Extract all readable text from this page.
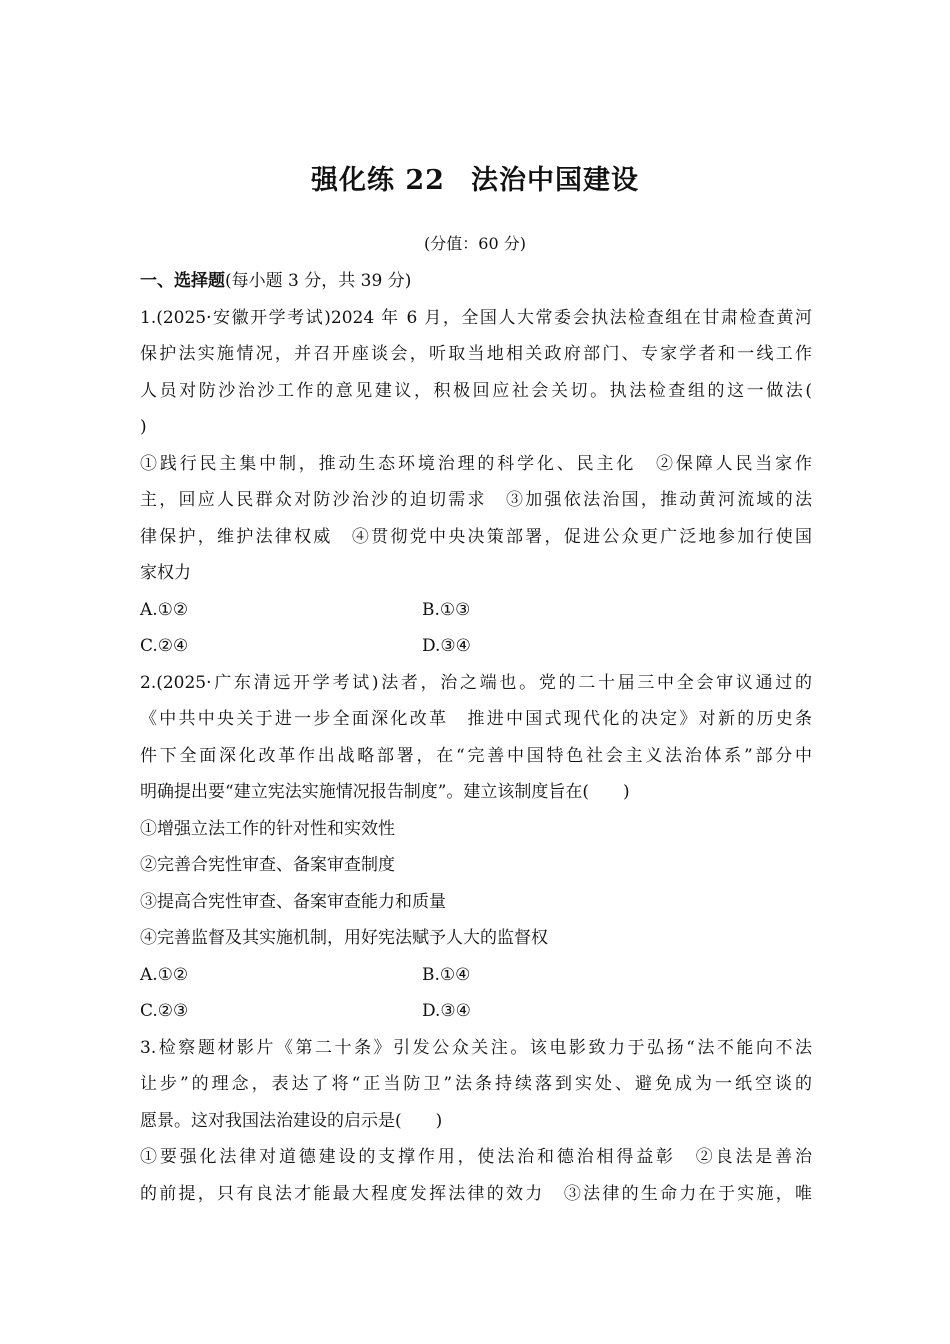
强化练 22 法治中国建设
(分值：60 分)
一、选择题(每小题 3 分，共 39 分)
1.(2025·安徽开学考试)2024 年 6 月，全国人大常委会执法检查组在甘肃检查黄河
保护法实施情况，并召开座谈会，听取当地相关政府部门、专家学者和一线工作
人员对防沙治沙工作的意见建议，积极回应社会关切。执法检查组的这一做法(
)
①践行民主集中制，推动生态环境治理的科学化、民主化　②保障人民当家作
主，回应人民群众对防沙治沙的迫切需求　③加强依法治国，推动黄河流域的法
律保护，维护法律权威　④贯彻党中央决策部署，促进公众更广泛地参加行使国
家权力
A.①②	B.①③
C.②④	D.③④
2.(2025·广东清远开学考试)法者，治之端也。党的二十届三中全会审议通过的
《中共中央关于进一步全面深化改革　推进中国式现代化的决定》对新的历史条
件下全面深化改革作出战略部署，在“完善中国特色社会主义法治体系”部分中
明确提出要“建立宪法实施情况报告制度”。建立该制度旨在(　　)
①增强立法工作的针对性和实效性
②完善合宪性审查、备案审查制度
③提高合宪性审查、备案审查能力和质量
④完善监督及其实施机制，用好宪法赋予人大的监督权
A.①②	B.①④
C.②③	D.③④
3.检察题材影片《第二十条》引发公众关注。该电影致力于弘扬“法不能向不法
让步”的理念，表达了将“正当防卫”法条持续落到实处、避免成为一纸空谈的
愿景。这对我国法治建设的启示是(　　)
①要强化法律对道德建设的支撑作用，使法治和德治相得益彰　②良法是善治
的前提，只有良法才能最大程度发挥法律的效力　③法律的生命力在于实施，唯
